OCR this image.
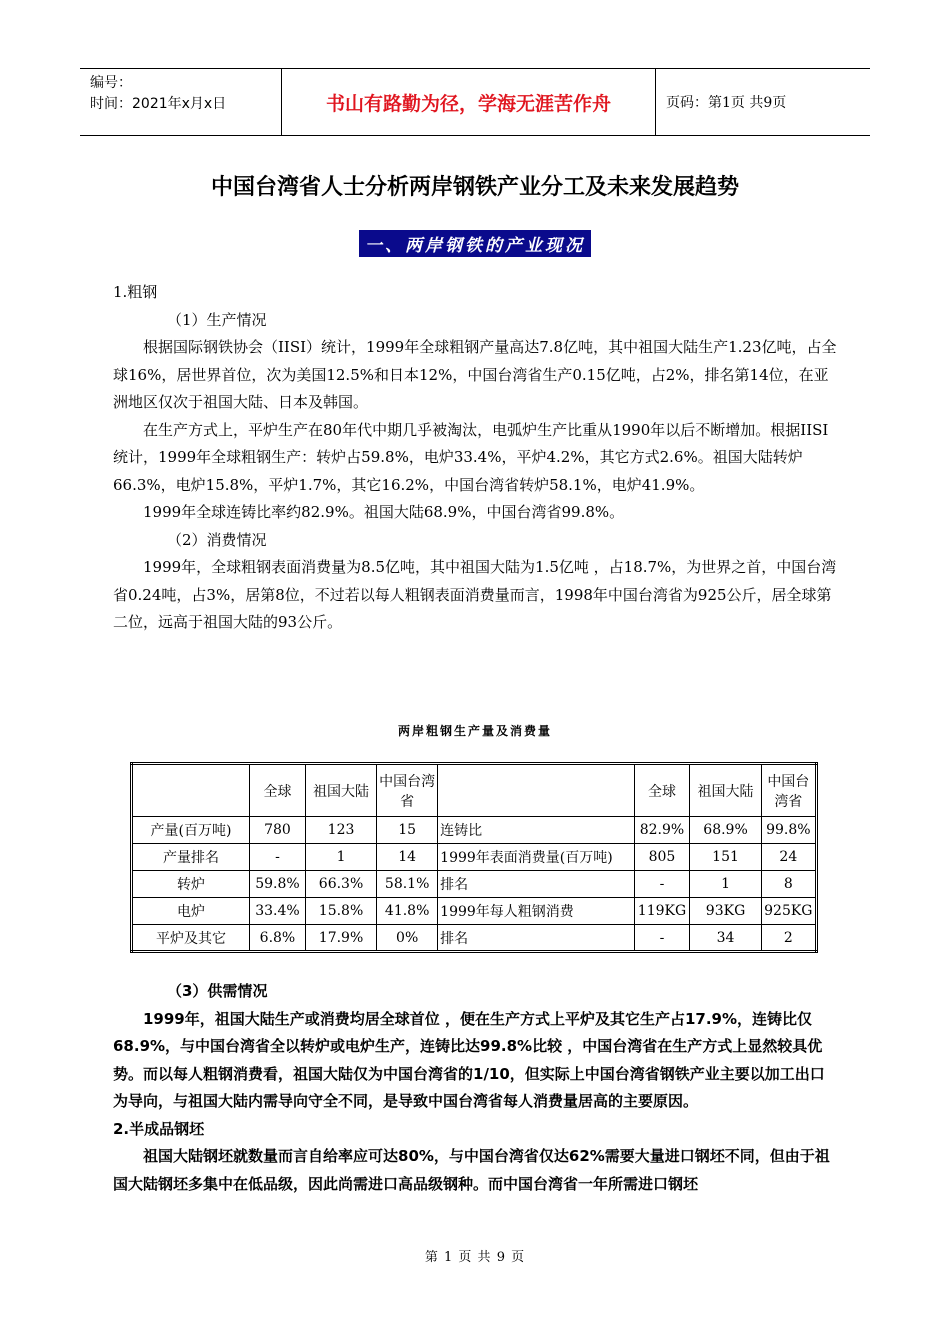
编号：
时间：2021年x月x日	书山有路勤为径，学海无涯苦作舟	页码：第1页 共9页
中国台湾省人士分析两岸钢铁产业分工及未来发展趋势
一、两岸钢铁的产业现况
1.粗钢
（1）生产情况
根据国际钢铁协会（IISI）统计，1999年全球粗钢产量高达7.8亿吨，其中祖国大陆生产1.23亿吨，占全球16%，居世界首位，次为美国12.5%和日本12%，中国台湾省生产0.15亿吨，占2%，排名第14位，在亚洲地区仅次于祖国大陆、日本及韩国。
在生产方式上，平炉生产在80年代中期几乎被淘汰，电弧炉生产比重从1990年以后不断增加。根据IISI统计，1999年全球粗钢生产：转炉占59.8%，电炉33.4%，平炉4.2%，其它方式2.6%。祖国大陆转炉66.3%，电炉15.8%，平炉1.7%，其它16.2%，中国台湾省转炉58.1%，电炉41.9%。
1999年全球连铸比率约82.9%。祖国大陆68.9%，中国台湾省99.8%。
（2）消费情况
1999年，全球粗钢表面消费量为8.5亿吨，其中祖国大陆为1.5亿吨 ，占18.7%，为世界之首，中国台湾省0.24吨，占3%，居第8位，不过若以每人粗钢表面消费量而言，1998年中国台湾省为925公斤，居全球第二位，远高于祖国大陆的93公斤。
两岸粗钢生产量及消费量
	全球	祖国大陆	中国台湾省		全球	祖国大陆	中国台湾省
产量(百万吨)	780	123	15	连铸比	82.9%	68.9%	99.8%
产量排名	-	1	14	1999年表面消费量(百万吨)	805	151	24
转炉	59.8%	66.3%	58.1%	排名	-	1	8
电炉	33.4%	15.8%	41.8%	1999年每人粗钢消费	119KG	93KG	925KG
平炉及其它	6.8%	17.9%	0%	排名	-	34	2
（3）供需情况
1999年，祖国大陆生产或消费均居全球首位 ，便在生产方式上平炉及其它生产占17.9%，连铸比仅68.9%，与中国台湾省全以转炉或电炉生产，连铸比达99.8%比较 ，中国台湾省在生产方式上显然较具优势。而以每人粗钢消费看，祖国大陆仅为中国台湾省的1/10，但实际上中国台湾省钢铁产业主要以加工出口为导向，与祖国大陆内需导向守全不同，是导致中国台湾省每人消费量居高的主要原因。
2.半成品钢坯
祖国大陆钢坯就数量而言自给率应可达80%，与中国台湾省仅达62%需要大量进口钢坯不同，但由于祖国大陆钢坯多集中在低品级，因此尚需进口高品级钢种。而中国台湾省一年所需进口钢坯
第 1 页 共 9 页
